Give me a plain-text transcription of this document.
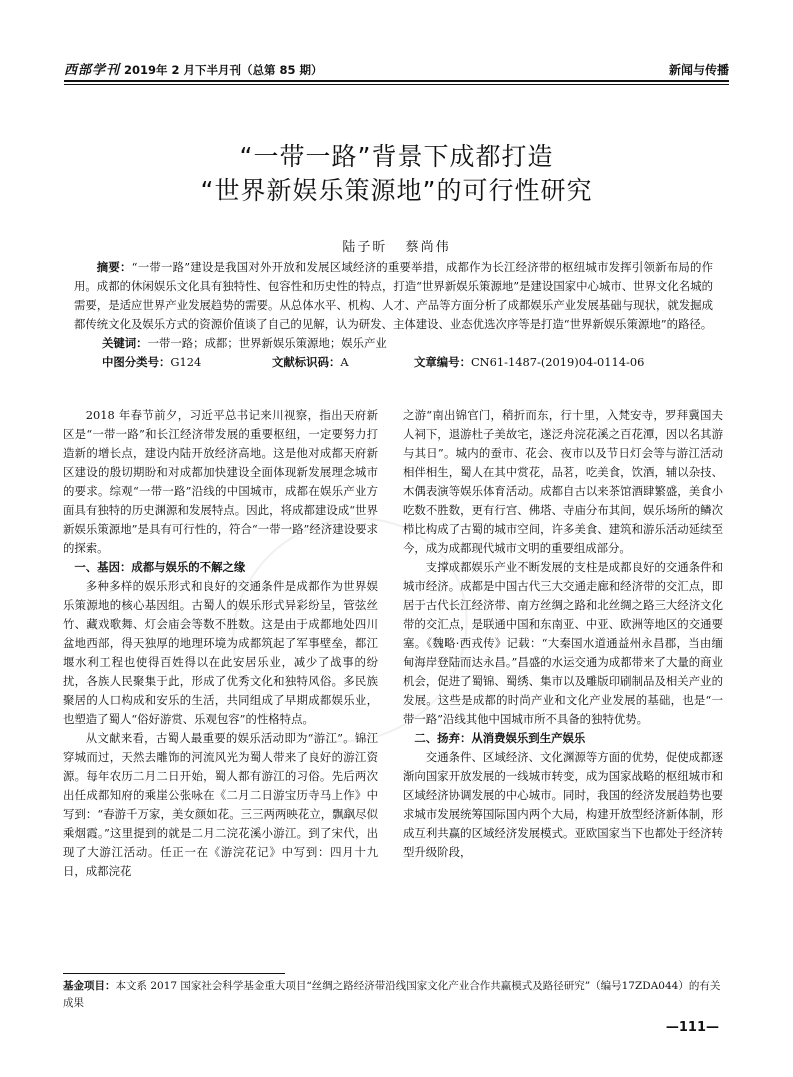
西部学刊 2019年 2 月下半月刊（总第 85 期）	新闻与传播
“一带一路”背景下成都打造
“世界新娱乐策源地”的可行性研究
陆子昕 蔡尚伟

摘要：“一带一路”建设是我国对外开放和发展区域经济的重要举措，成都作为长江经济带的枢纽城市发挥引领新布局的作用。成都的休闲娱乐文化具有独特性、包容性和历史性的特点，打造“世界新娱乐策源地”是建设国家中心城市、世界文化名城的需要，是适应世界产业发展趋势的需要。从总体水平、机构、人才、产品等方面分析了成都娱乐产业发展基础与现状，就发掘成都传统文化及娱乐方式的资源价值谈了自己的见解，认为研发、主体建设、业态优选次序等是打造“世界新娱乐策源地”的路径。

关键词：一带一路；成都；世界新娱乐策源地；娱乐产业
中图分类号：G124	文献标识码：A	文章编号：CN61-1487-(2019)04-0114-06

2018 年春节前夕，习近平总书记来川视察，指出天府新区是“一带一路”和长江经济带发展的重要枢纽，一定要努力打造新的增长点，建设内陆开放经济高地。这是他对成都天府新区建设的殷切期盼和对成都加快建设全面体现新发展理念城市的要求。综观“一带一路”沿线的中国城市，成都在娱乐产业方面具有独特的历史渊源和发展特点。因此，将成都建设成“世界新娱乐策源地”是具有可行性的，符合“一带一路”经济建设要求的探索。

一、基因：成都与娱乐的不解之缘

多种多样的娱乐形式和良好的交通条件是成都作为世界娱乐策源地的核心基因组。古蜀人的娱乐形式异彩纷呈，管弦丝竹、藏戏歌舞、灯会庙会等数不胜数。这是由于成都地处四川盆地西部，得天独厚的地理环境为成都筑起了军事壁垒，都江堰水利工程也使得百姓得以在此安居乐业，减少了战事的纷扰，各族人民聚集于此，形成了优秀文化和独特风俗。多民族聚居的人口构成和安乐的生活，共同组成了早期成都娱乐业，也塑造了蜀人“俗好游赏、乐观包容”的性格特点。

从文献来看，古蜀人最重要的娱乐活动即为“游江”。锦江穿城而过，天然去雕饰的河流风光为蜀人带来了良好的游江资源。每年农历二月二日开始，蜀人都有游江的习俗。先后两次出任成都知府的乘崖公张咏在《二月二日游宝历寺马上作》中写到：“春游千万家，美女颜如花。三三两两映花立，飘飖尽似乘烟霞。”这里提到的就是二月二浣花溪小游江。到了宋代，出现了大游江活动。任正一在《游浣花记》中写到：四月十九日，成都浣花

之游“南出锦官门，稍折而东，行十里，入梵安寺，罗拜冀国夫人祠下，退游杜子美故宅，遂泛舟浣花溪之百花潭，因以名其游与其日”。城内的蚕市、花会、夜市以及节日灯会等与游江活动相伴相生，蜀人在其中赏花，品茗，吃美食，饮酒，辅以杂技、木偶表演等娱乐体育活动。成都自古以来茶馆酒肆繁盛，美食小吃数不胜数，更有行宫、佛塔、寺庙分布其间，娱乐场所的鳞次栉比构成了古蜀的城市空间，许多美食、建筑和游乐活动延续至今，成为成都现代城市文明的重要组成部分。

支撑成都娱乐产业不断发展的支柱是成都良好的交通条件和城市经济。成都是中国古代三大交通走廊和经济带的交汇点，即居于古代长江经济带、南方丝绸之路和北丝绸之路三大经济文化带的交汇点，是联通中国和东南亚、中亚、欧洲等地区的交通要塞。《魏略·西戎传》记载：“大秦国水道通益州永昌郡，当由缅甸海岸登陆而达永昌。”昌盛的水运交通为成都带来了大量的商业机会，促进了蜀锦、蜀绣、集市以及雕版印刷制品及相关产业的发展。这些是成都的时尚产业和文化产业发展的基础，也是“一带一路”沿线其他中国城市所不具备的独特优势。

二、扬弃：从消费娱乐到生产娱乐

交通条件、区域经济、文化渊源等方面的优势，促使成都逐渐向国家开放发展的一线城市转变，成为国家战略的枢纽城市和区域经济协调发展的中心城市。同时，我国的经济发展趋势也要求城市发展统筹国际国内两个大局，构建开放型经济新体制，形成互利共赢的区域经济发展模式。亚欧国家当下也都处于经济转型升级阶段，

基金项目：本文系 2017 国家社会科学基金重大项目“丝绸之路经济带沿线国家文化产业合作共赢模式及路径研究”（编号17ZDA044）的有关成果
—111—
